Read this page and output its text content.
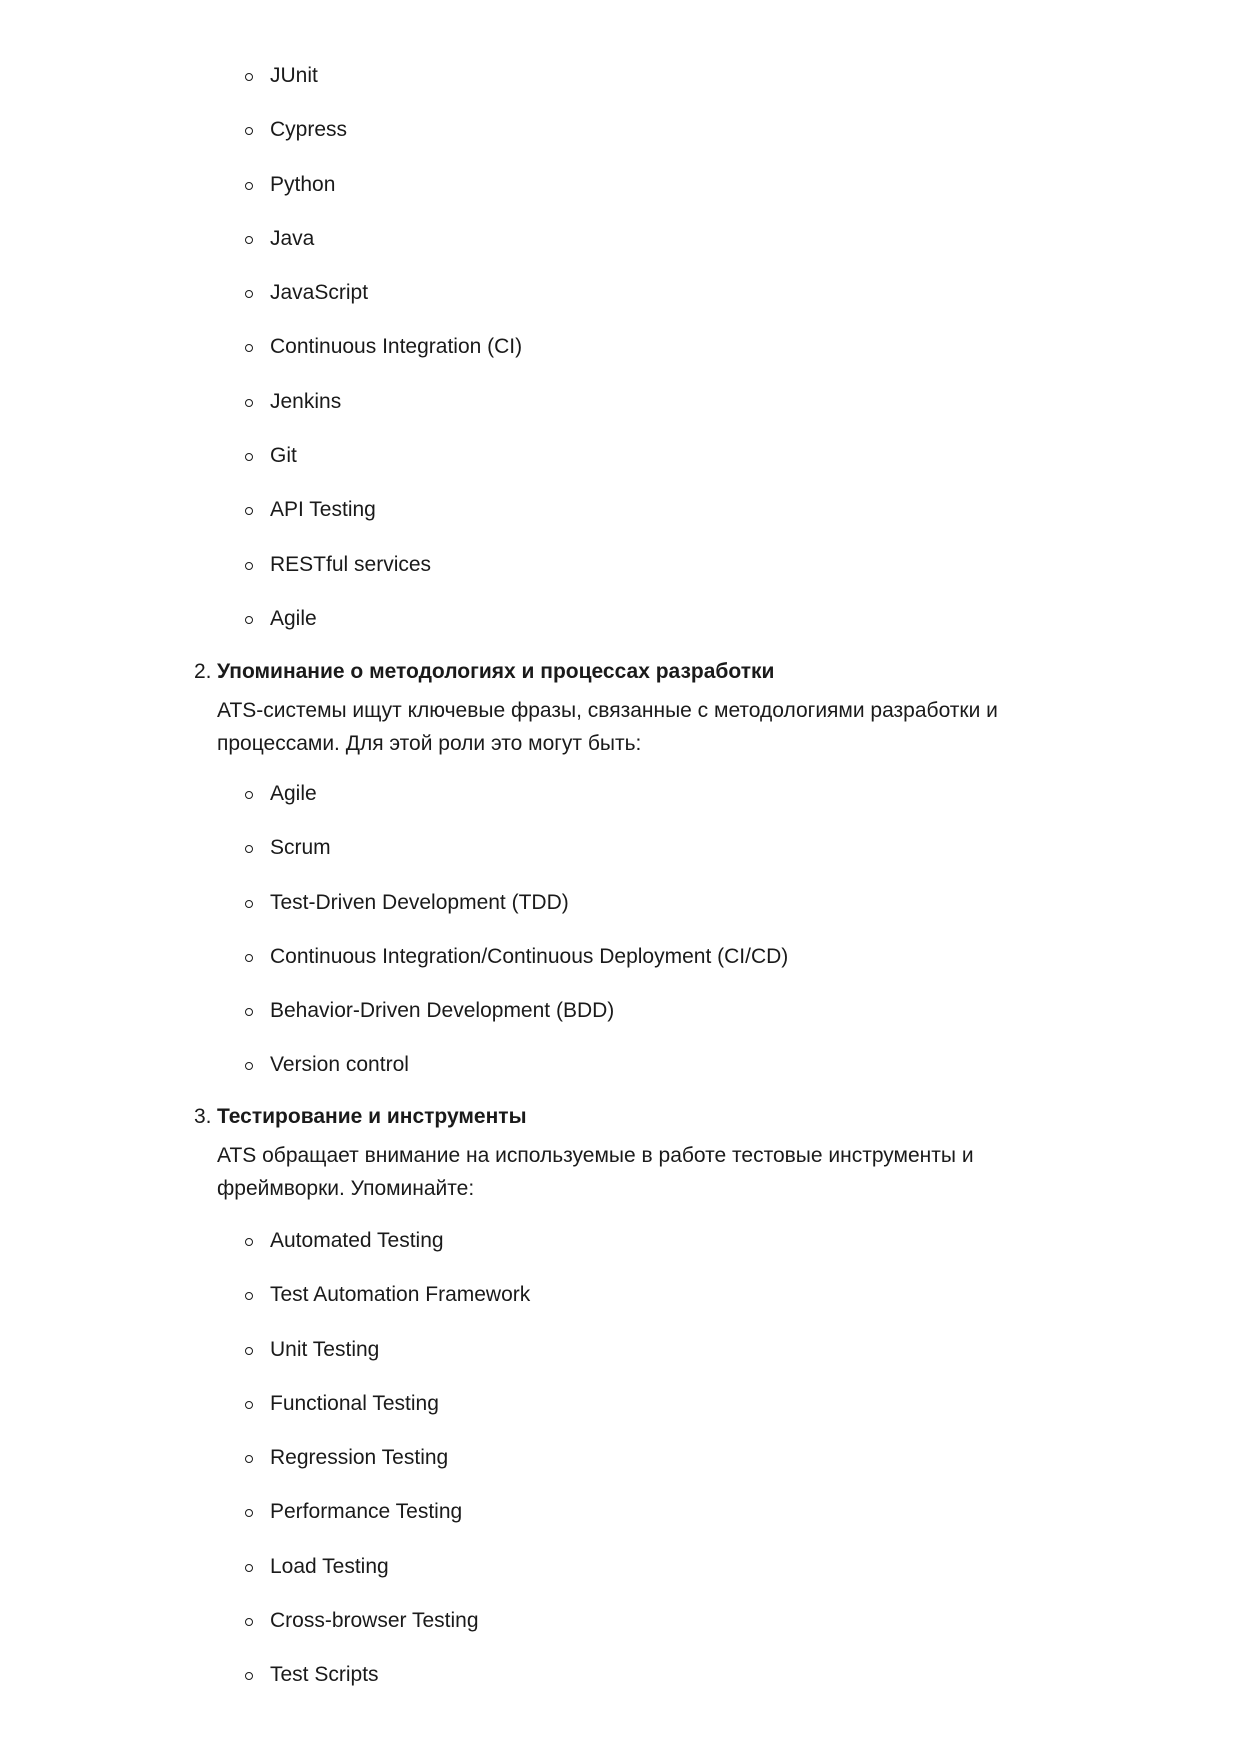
JUnit
Cypress
Python
Java
JavaScript
Continuous Integration (CI)
Jenkins
Git
API Testing
RESTful services
Agile
2. Упоминание о методологиях и процессах разработки
ATS-системы ищут ключевые фразы, связанные с методологиями разработки и процессами. Для этой роли это могут быть:
Agile
Scrum
Test-Driven Development (TDD)
Continuous Integration/Continuous Deployment (CI/CD)
Behavior-Driven Development (BDD)
Version control
3. Тестирование и инструменты
ATS обращает внимание на используемые в работе тестовые инструменты и фреймворки. Упоминайте:
Automated Testing
Test Automation Framework
Unit Testing
Functional Testing
Regression Testing
Performance Testing
Load Testing
Cross-browser Testing
Test Scripts
